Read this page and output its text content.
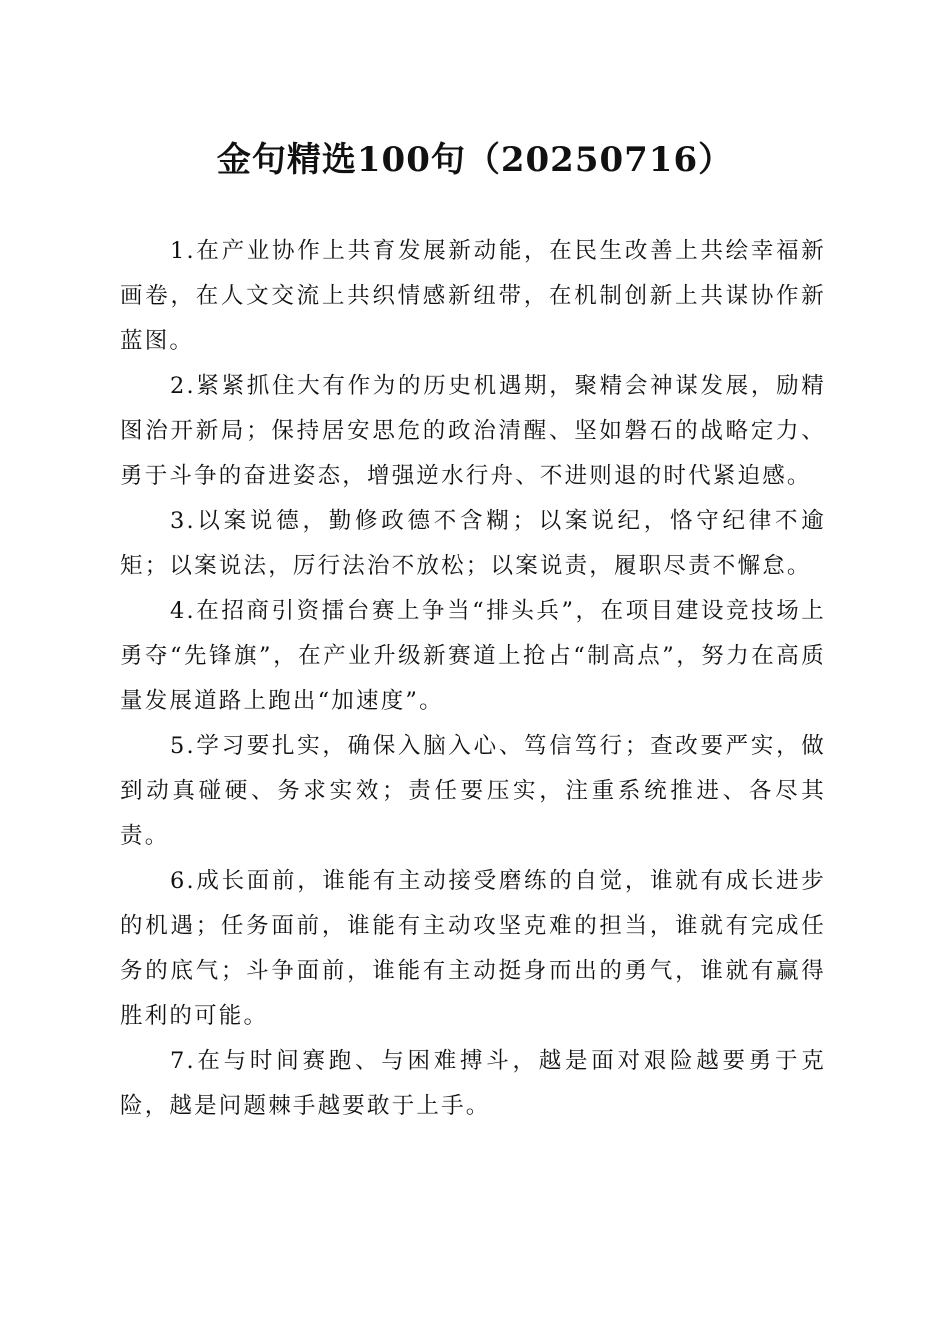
金句精选100句（20250716）

1.在产业协作上共育发展新动能，在民生改善上共绘幸福新画卷，在人文交流上共织情感新纽带，在机制创新上共谋协作新蓝图。

2.紧紧抓住大有作为的历史机遇期，聚精会神谋发展，励精图治开新局；保持居安思危的政治清醒、坚如磐石的战略定力、勇于斗争的奋进姿态，增强逆水行舟、不进则退的时代紧迫感。

3.以案说德，勤修政德不含糊；以案说纪，恪守纪律不逾矩；以案说法，厉行法治不放松；以案说责，履职尽责不懈怠。

4.在招商引资擂台赛上争当“排头兵”，在项目建设竞技场上勇夺“先锋旗”，在产业升级新赛道上抢占“制高点”，努力在高质量发展道路上跑出“加速度”。

5.学习要扎实，确保入脑入心、笃信笃行；查改要严实，做到动真碰硬、务求实效；责任要压实，注重系统推进、各尽其责。

6.成长面前，谁能有主动接受磨练的自觉，谁就有成长进步的机遇；任务面前，谁能有主动攻坚克难的担当，谁就有完成任务的底气；斗争面前，谁能有主动挺身而出的勇气，谁就有赢得胜利的可能。

7.在与时间赛跑、与困难搏斗，越是面对艰险越要勇于克险，越是问题棘手越要敢于上手。
